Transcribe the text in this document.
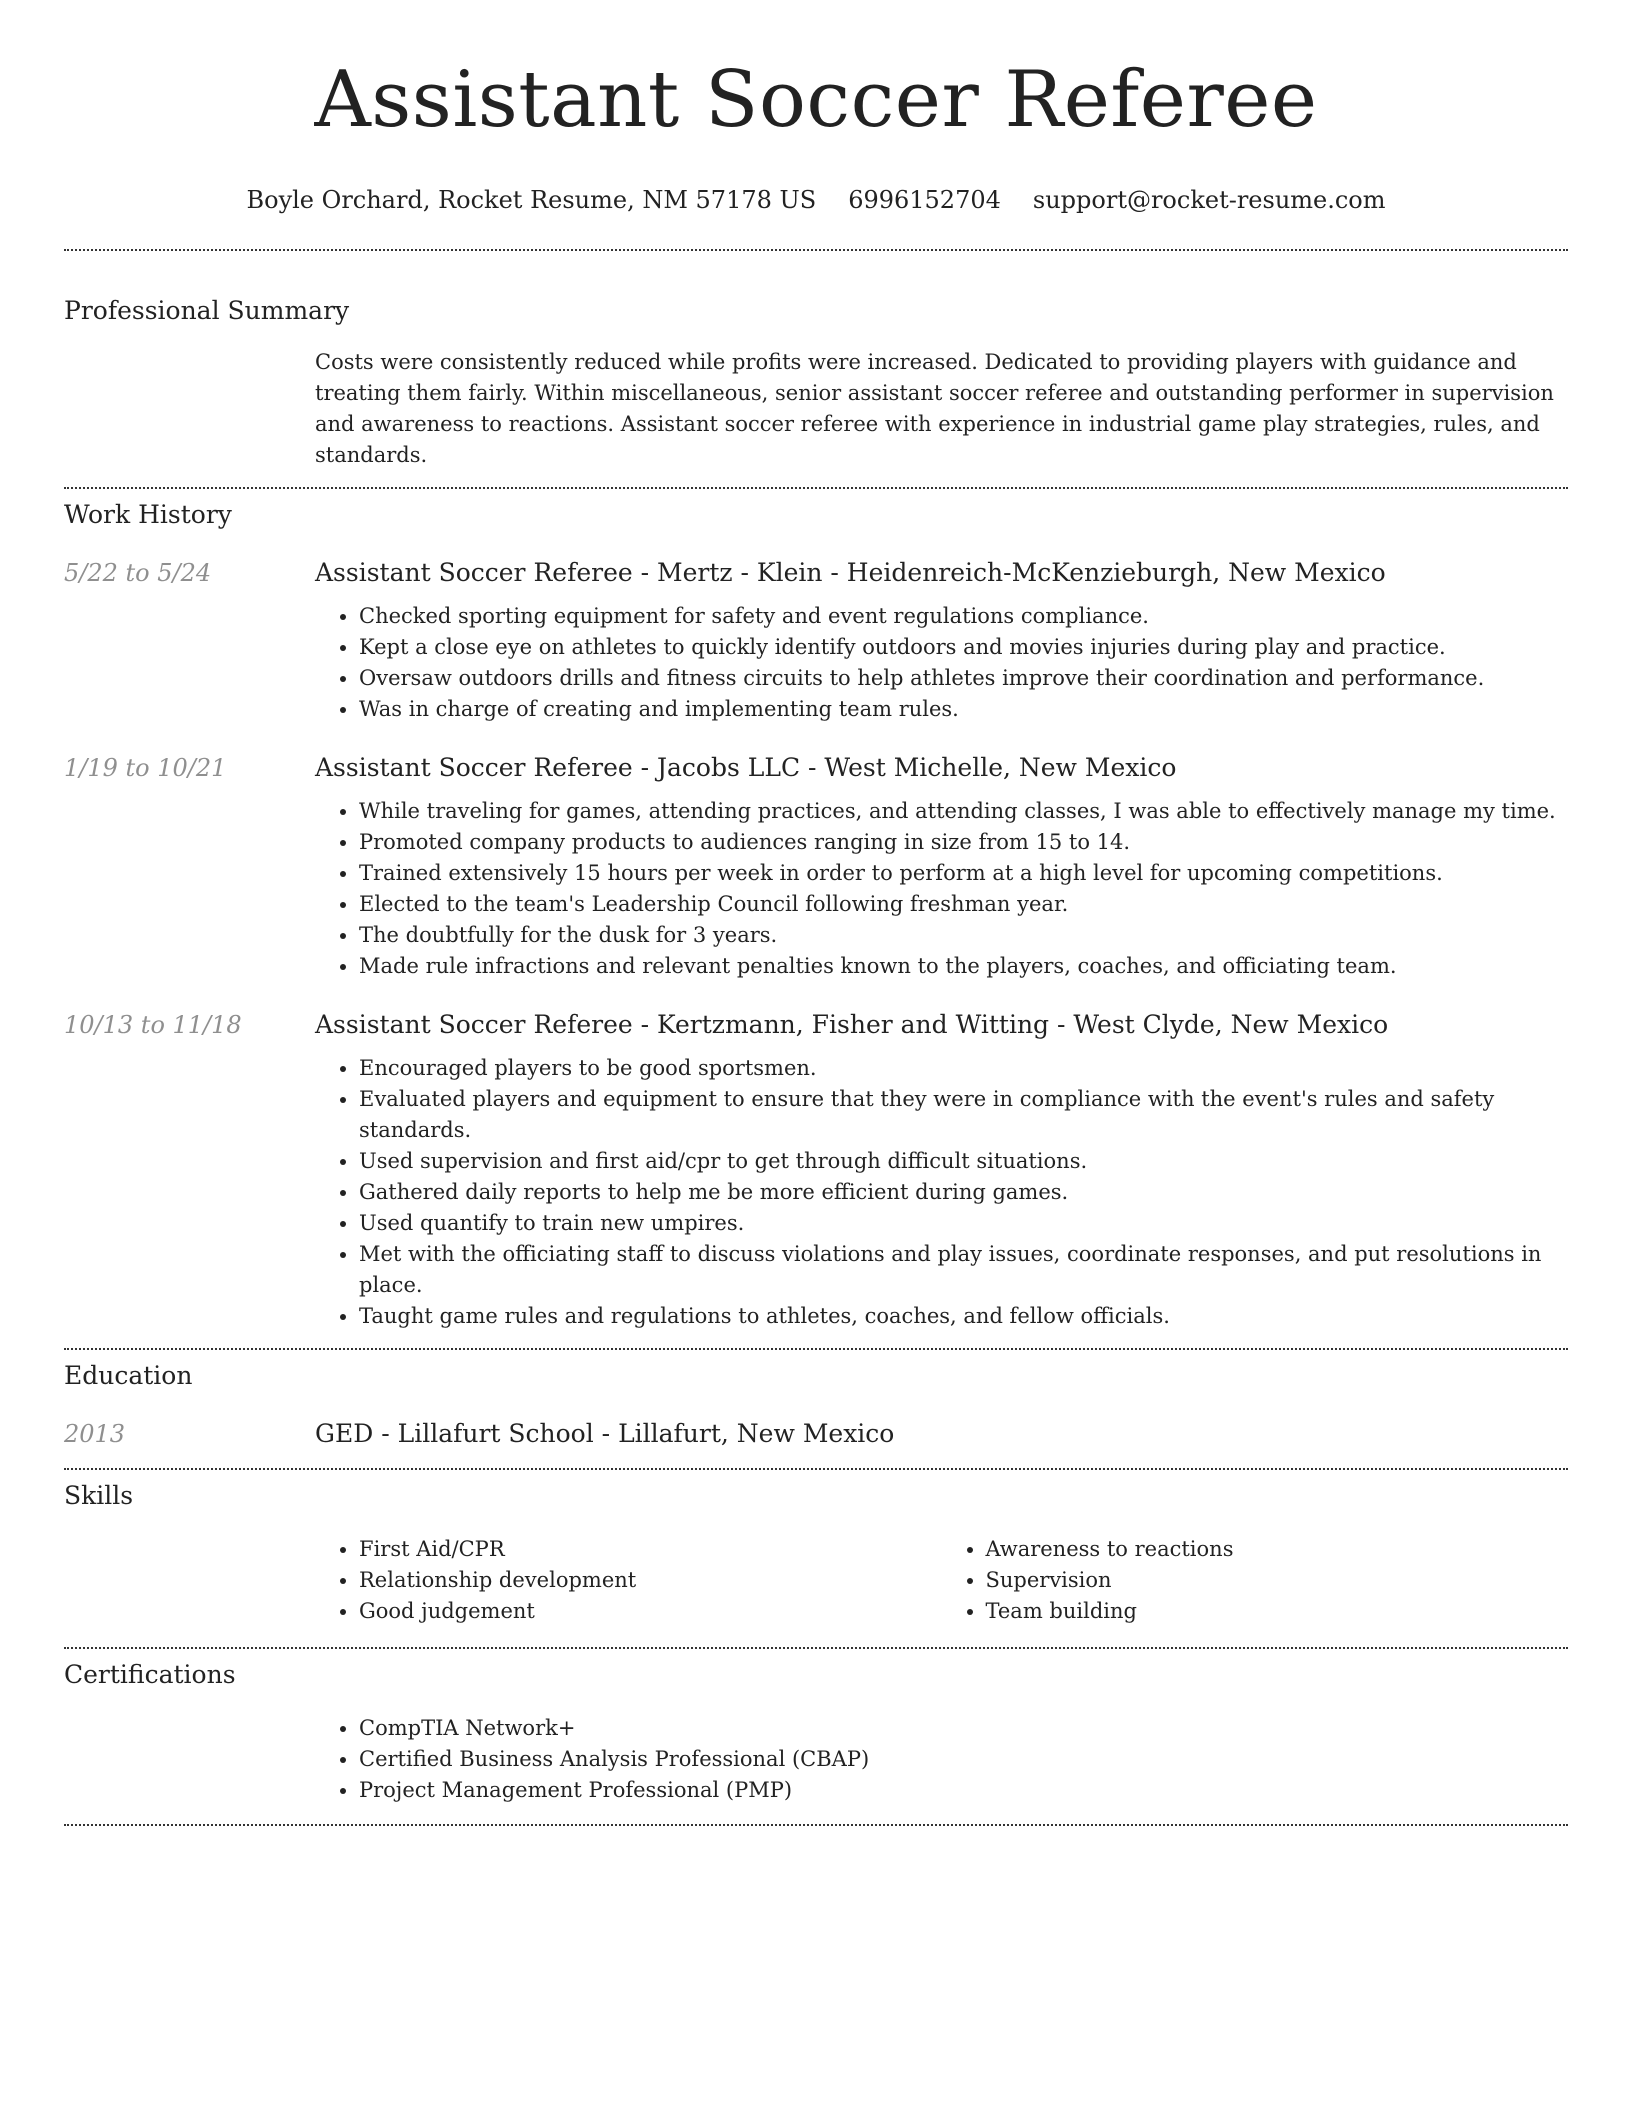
Assistant Soccer Referee
Boyle Orchard, Rocket Resume, NM 57178 US 6996152704 support@rocket-resume.com
Professional Summary
Costs were consistently reduced while profits were increased. Dedicated to providing players with guidance and treating them fairly. Within miscellaneous, senior assistant soccer referee and outstanding performer in supervision and awareness to reactions. Assistant soccer referee with experience in industrial game play strategies, rules, and standards.
Work History
5/22 to 5/24	Assistant Soccer Referee - Mertz - Klein - Heidenreich-McKenzieburgh, New Mexico
• Checked sporting equipment for safety and event regulations compliance.
• Kept a close eye on athletes to quickly identify outdoors and movies injuries during play and practice.
• Oversaw outdoors drills and fitness circuits to help athletes improve their coordination and performance.
• Was in charge of creating and implementing team rules.
1/19 to 10/21	Assistant Soccer Referee - Jacobs LLC - West Michelle, New Mexico
• While traveling for games, attending practices, and attending classes, I was able to effectively manage my time.
• Promoted company products to audiences ranging in size from 15 to 14.
• Trained extensively 15 hours per week in order to perform at a high level for upcoming competitions.
• Elected to the team's Leadership Council following freshman year.
• The doubtfully for the dusk for 3 years.
• Made rule infractions and relevant penalties known to the players, coaches, and officiating team.
10/13 to 11/18	Assistant Soccer Referee - Kertzmann, Fisher and Witting - West Clyde, New Mexico
• Encouraged players to be good sportsmen.
• Evaluated players and equipment to ensure that they were in compliance with the event's rules and safety standards.
• Used supervision and first aid/cpr to get through difficult situations.
• Gathered daily reports to help me be more efficient during games.
• Used quantify to train new umpires.
• Met with the officiating staff to discuss violations and play issues, coordinate responses, and put resolutions in place.
• Taught game rules and regulations to athletes, coaches, and fellow officials.
Education
2013	GED - Lillafurt School - Lillafurt, New Mexico
Skills
• First Aid/CPR
• Relationship development
• Good judgement
• Awareness to reactions
• Supervision
• Team building
Certifications
• CompTIA Network+
• Certified Business Analysis Professional (CBAP)
• Project Management Professional (PMP)
